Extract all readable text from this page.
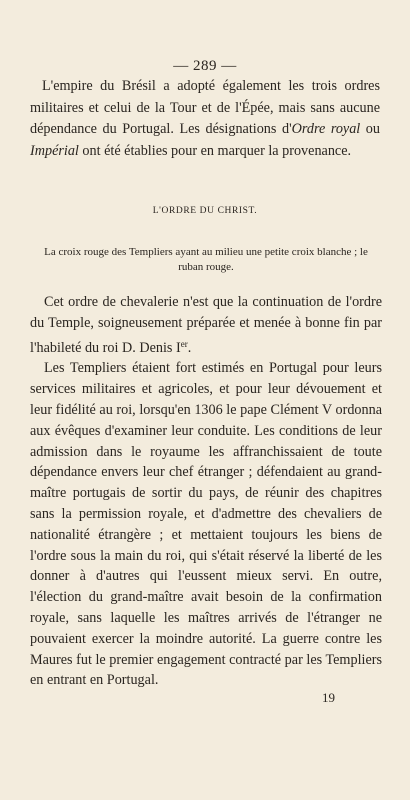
— 289 —

L'empire du Brésil a adopté également les trois ordres militaires et celui de la Tour et de l'Épée, mais sans aucune dépendance du Portugal. Les désignations d'Ordre royal ou Impérial ont été établies pour en marquer la provenance.

L'ORDRE DU CHRIST.

La croix rouge des Templiers ayant au milieu une petite croix blanche ; le ruban rouge.

Cet ordre de chevalerie n'est que la continuation de l'ordre du Temple, soigneusement préparée et menée à bonne fin par l'habileté du roi D. Denis Ier.

Les Templiers étaient fort estimés en Portugal pour leurs services militaires et agricoles, et pour leur dévouement et leur fidélité au roi, lorsqu'en 1306 le pape Clément V ordonna aux évêques d'examiner leur conduite. Les conditions de leur admission dans le royaume les affranchissaient de toute dépendance envers leur chef étranger ; défendaient au grand-maître portugais de sortir du pays, de réunir des chapitres sans la permission royale, et d'admettre des chevaliers de nationalité étrangère ; et mettaient toujours les biens de l'ordre sous la main du roi, qui s'était réservé la liberté de les donner à d'autres qui l'eussent mieux servi. En outre, l'élection du grand-maître avait besoin de la confirmation royale, sans laquelle les maîtres arrivés de l'étranger ne pouvaient exercer la moindre autorité. La guerre contre les Maures fut le premier engagement contracté par les Templiers en entrant en Portugal.

19
